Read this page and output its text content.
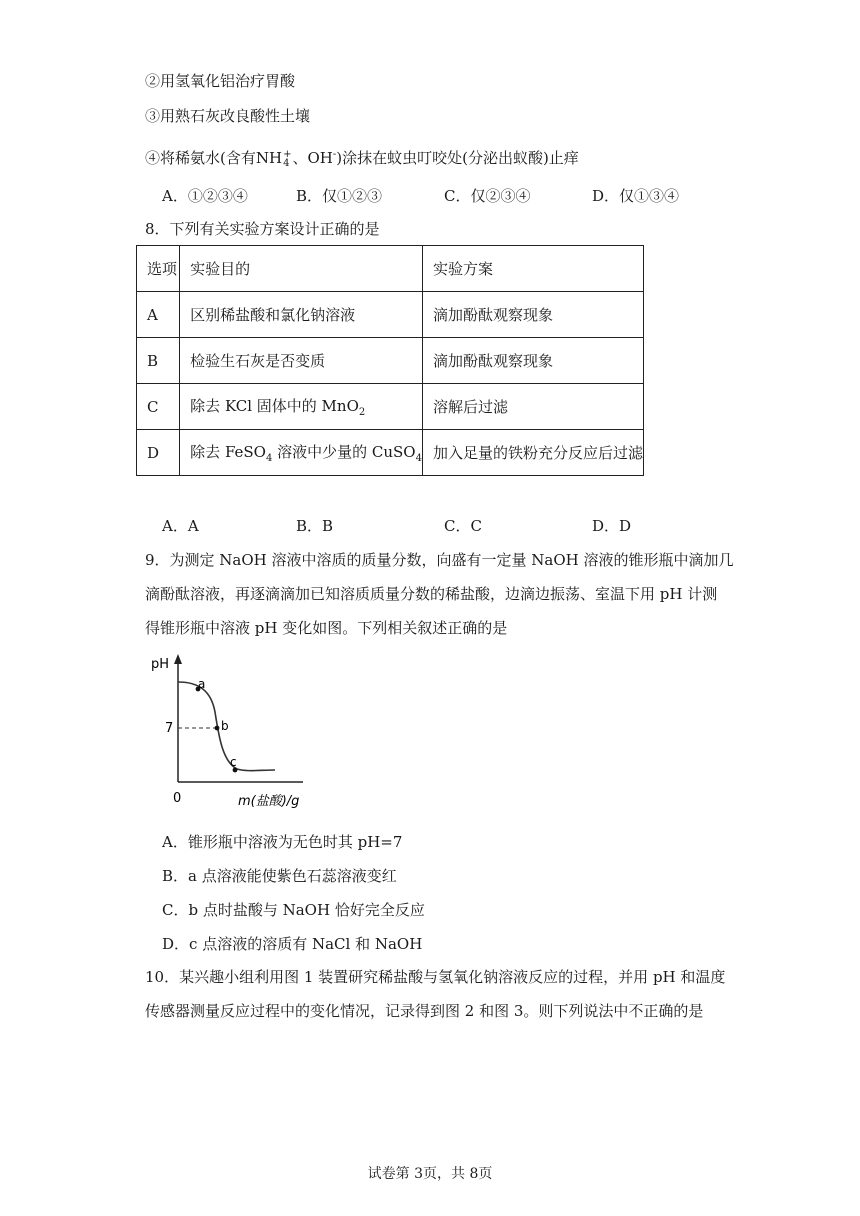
②用氢氧化铝治疗胃酸
③用熟石灰改良酸性土壤
④将稀氨水(含有NH +
4 、OH-)涂抹在蚊虫叮咬处(分泌出蚁酸)止痒
A．①②③④	B．仅①②③	C．仅②③④	D．仅①③④
8．下列有关实验方案设计正确的是
选项	实验目的	实验方案
A	区别稀盐酸和氯化钠溶液	滴加酚酞观察现象
B	检验生石灰是否变质	滴加酚酞观察现象
C	除去 KCl 固体中的 MnO$_2$	溶解后过滤
D	除去 FeSO$_4$ 溶液中少量的 CuSO$_4$	加入足量的铁粉充分反应后过滤
A．A	B．B	C．C	D．D
9．为测定 NaOH 溶液中溶质的质量分数，向盛有一定量 NaOH 溶液的锥形瓶中滴加几
滴酚酞溶液，再逐滴滴加已知溶质质量分数的稀盐酸，边滴边振荡、室温下用 pH 计测
得锥形瓶中溶液 pH 变化如图。下列相关叙述正确的是
pH
0
7
m(盐酸)/g
a
b
c
A．锥形瓶中溶液为无色时其 pH=7
B．a 点溶液能使紫色石蕊溶液变红
C．b 点时盐酸与 NaOH 恰好完全反应
D．c 点溶液的溶质有 NaCl 和 NaOH
10．某兴趣小组利用图 1 装置研究稀盐酸与氢氧化钠溶液反应的过程，并用 pH 和温度
传感器测量反应过程中的变化情况，记录得到图 2 和图 3。则下列说法中不正确的是
试卷第 3页，共 8页
